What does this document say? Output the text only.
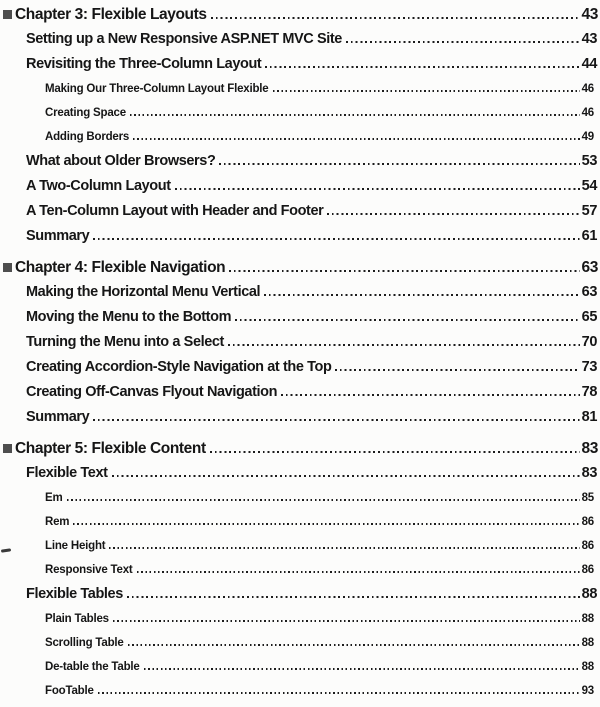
Chapter 3: Flexible Layouts	43
Setting up a New Responsive ASP.NET MVC Site	43
Revisiting the Three-Column Layout	44
Making Our Three-Column Layout Flexible	46
Creating Space	46
Adding Borders	49
What about Older Browsers?	53
A Two-Column Layout	54
A Ten-Column Layout with Header and Footer	57
Summary	61
Chapter 4: Flexible Navigation	63
Making the Horizontal Menu Vertical	63
Moving the Menu to the Bottom	65
Turning the Menu into a Select	70
Creating Accordion-Style Navigation at the Top	73
Creating Off-Canvas Flyout Navigation	78
Summary	81
Chapter 5: Flexible Content	83
Flexible Text	83
Em	85
Rem	86
Line Height	86
Responsive Text	86
Flexible Tables	88
Plain Tables	88
Scrolling Table	88
De-table the Table	88
FooTable	93
